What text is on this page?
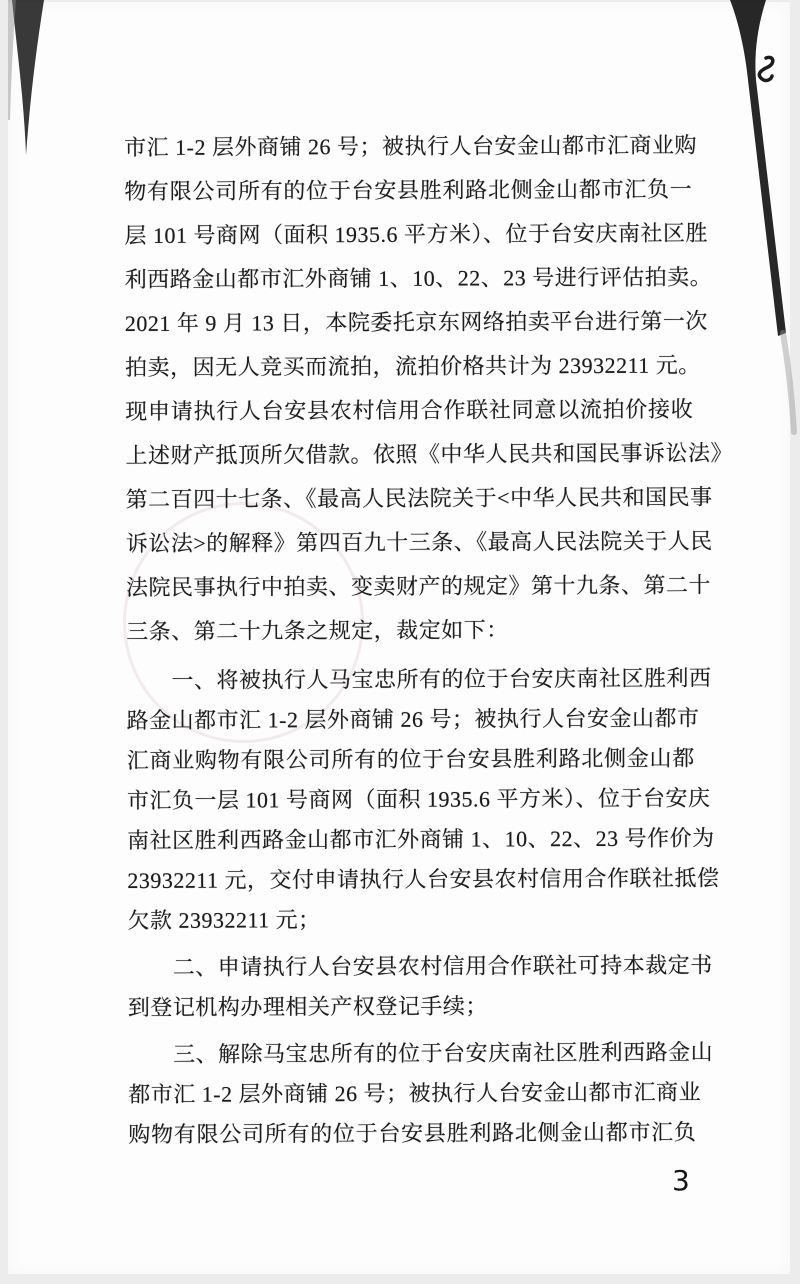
市汇 1-2 层外商铺 26 号；被执行人台安金山都市汇商业购
物有限公司所有的位于台安县胜利路北侧金山都市汇负一
层 101 号商网（面积 1935.6 平方米）、位于台安庆南社区胜
利西路金山都市汇外商铺 1、10、22、23 号进行评估拍卖。
2021 年 9 月 13 日，本院委托京东网络拍卖平台进行第一次
拍卖，因无人竞买而流拍，流拍价格共计为 23932211 元。
现申请执行人台安县农村信用合作联社同意以流拍价接收
上述财产抵顶所欠借款。依照《中华人民共和国民事诉讼法》
第二百四十七条、《最高人民法院关于<中华人民共和国民事
诉讼法>的解释》第四百九十三条、《最高人民法院关于人民
法院民事执行中拍卖、变卖财产的规定》第十九条、第二十
三条、第二十九条之规定，裁定如下：
　　一、将被执行人马宝忠所有的位于台安庆南社区胜利西
路金山都市汇 1-2 层外商铺 26 号；被执行人台安金山都市
汇商业购物有限公司所有的位于台安县胜利路北侧金山都
市汇负一层 101 号商网（面积 1935.6 平方米）、位于台安庆
南社区胜利西路金山都市汇外商铺 1、10、22、23 号作价为
23932211 元，交付申请执行人台安县农村信用合作联社抵偿
欠款 23932211 元；
　　二、申请执行人台安县农村信用合作联社可持本裁定书
到登记机构办理相关产权登记手续；
　　三、解除马宝忠所有的位于台安庆南社区胜利西路金山
都市汇 1-2 层外商铺 26 号；被执行人台安金山都市汇商业
购物有限公司所有的位于台安县胜利路北侧金山都市汇负
3
